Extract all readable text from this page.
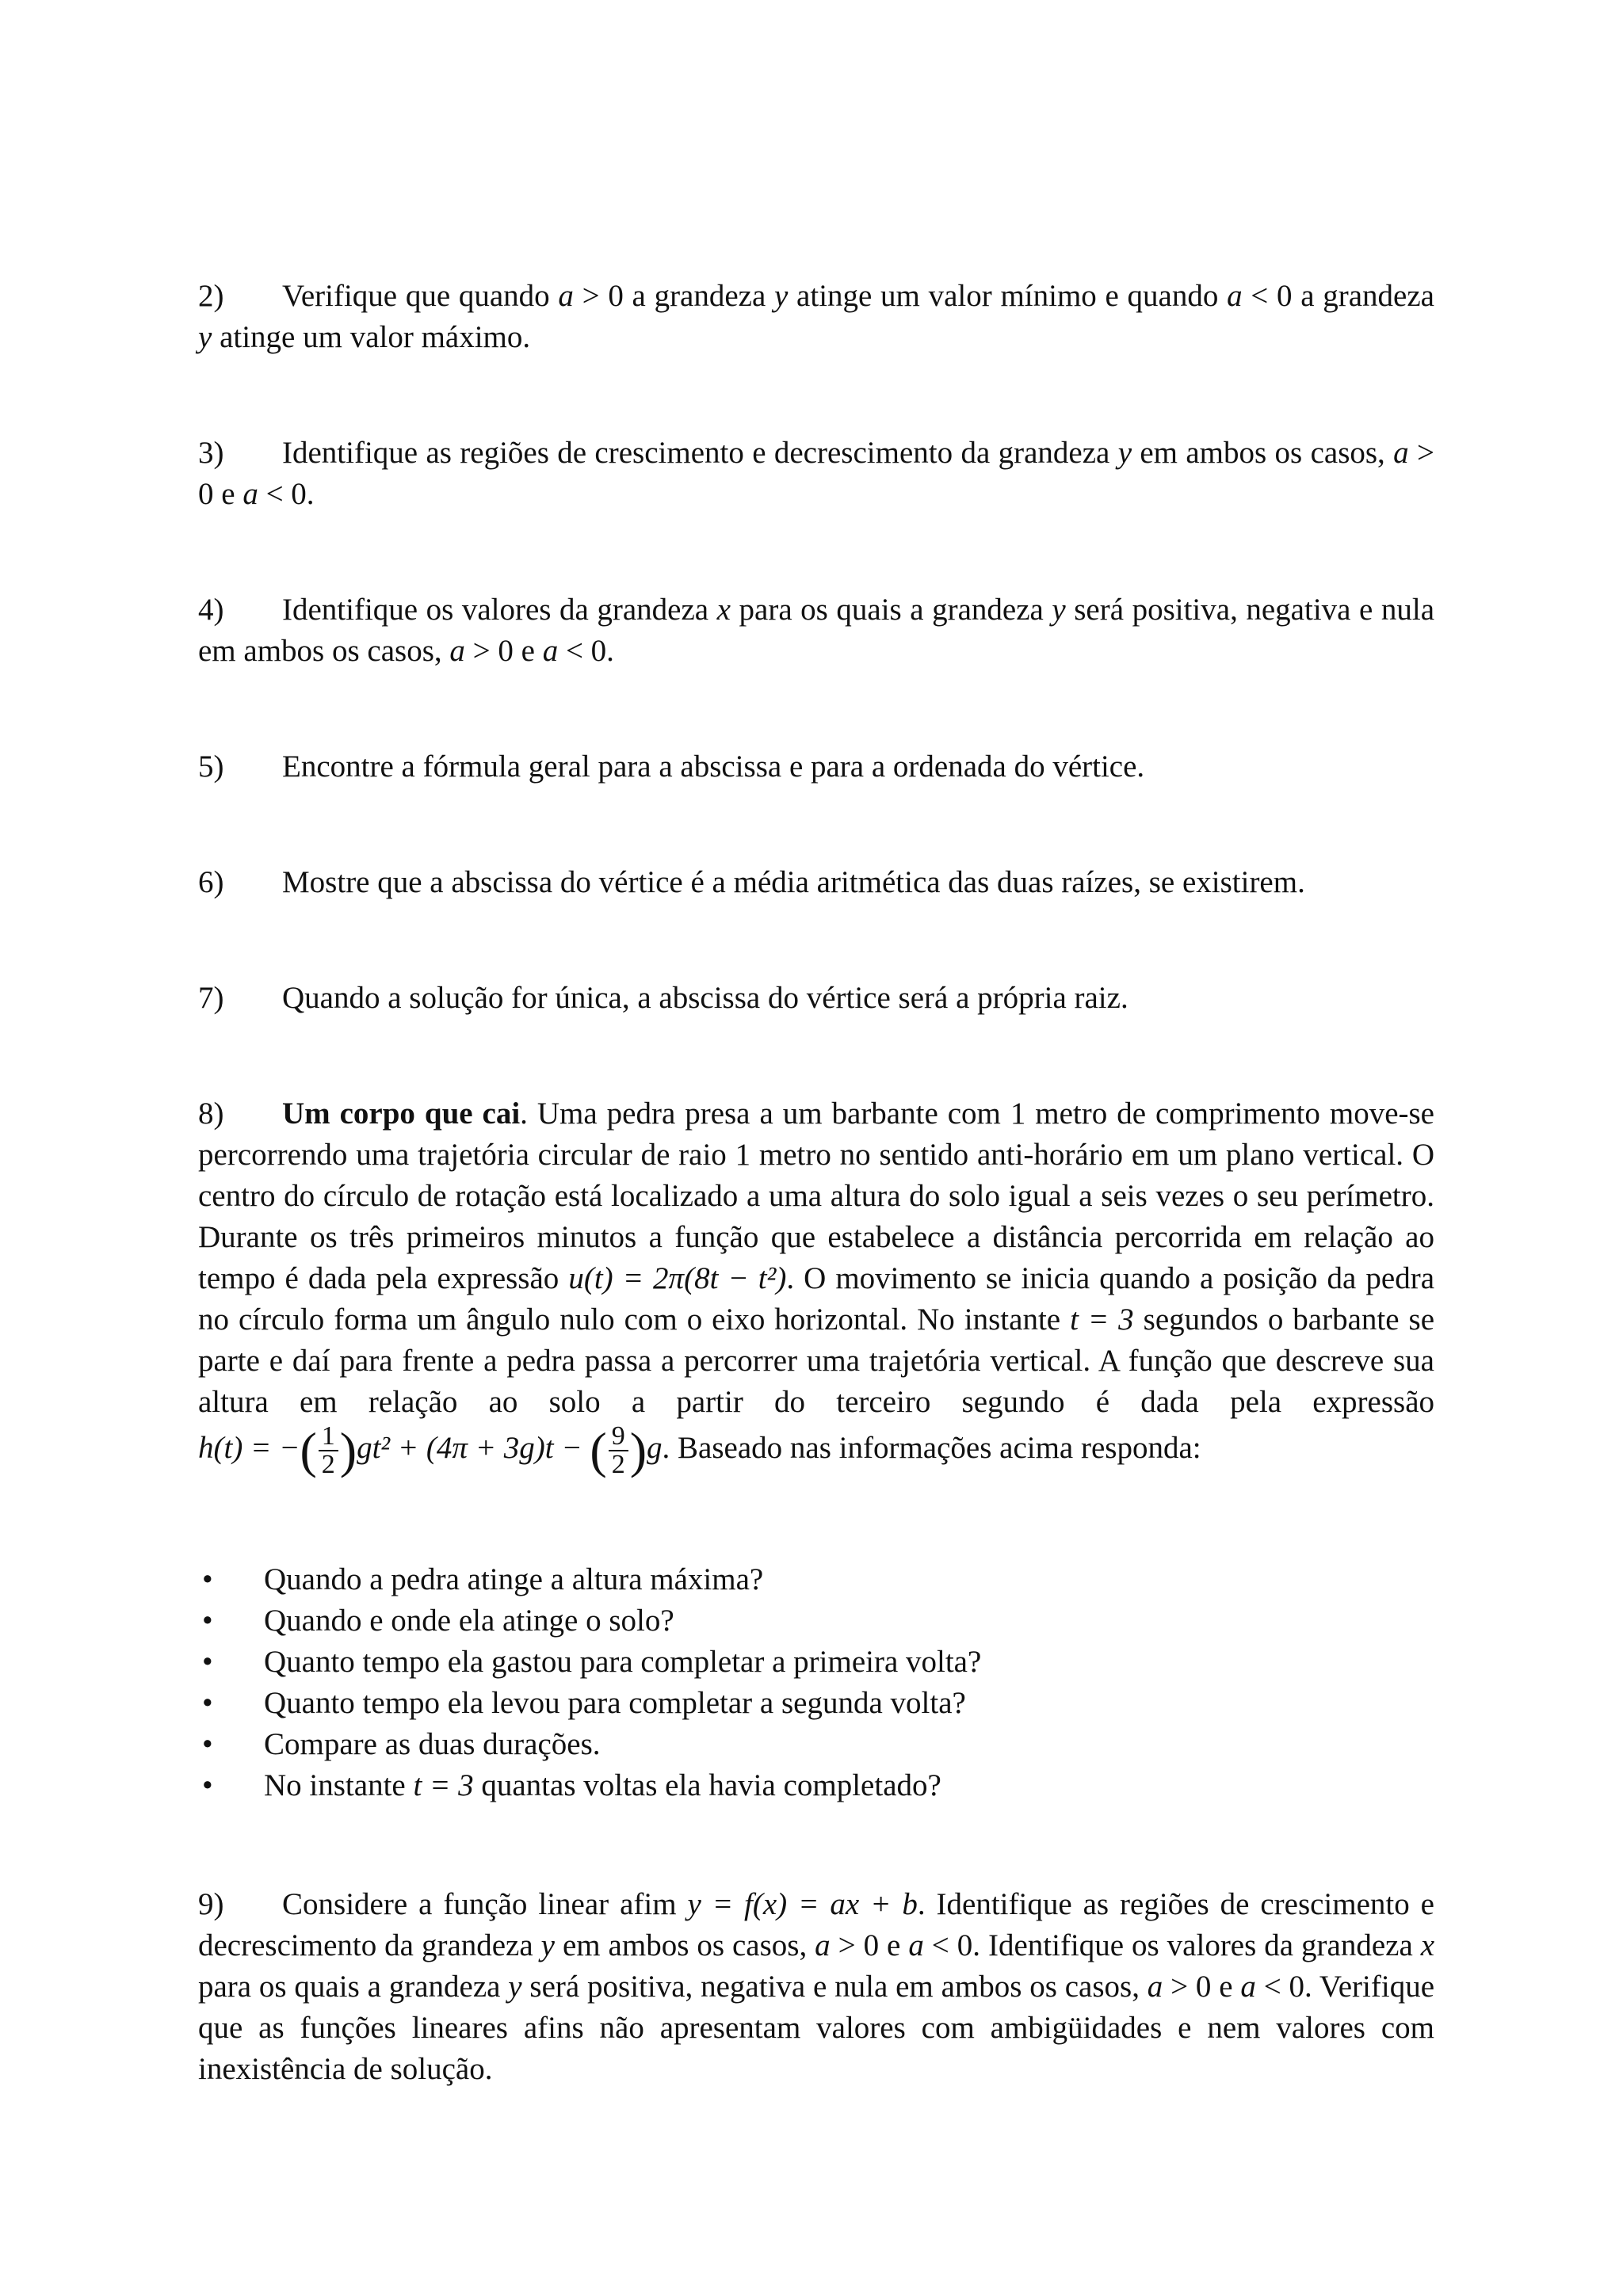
2) Verifique que quando a > 0 a grandeza y atinge um valor mínimo e quando a < 0 a grandeza y atinge um valor máximo.

3) Identifique as regiões de crescimento e decrescimento da grandeza y em ambos os casos, a > 0 e a < 0.

4) Identifique os valores da grandeza x para os quais a grandeza y será positiva, negativa e nula em ambos os casos, a > 0 e a < 0.

5) Encontre a fórmula geral para a abscissa e para a ordenada do vértice.

6) Mostre que a abscissa do vértice é a média aritmética das duas raízes, se existirem.

7) Quando a solução for única, a abscissa do vértice será a própria raiz.

8) Um corpo que cai. Uma pedra presa a um barbante com 1 metro de comprimento move-se percorrendo uma trajetória circular de raio 1 metro no sentido anti-horário em um plano vertical. O centro do círculo de rotação está localizado a uma altura do solo igual a seis vezes o seu perímetro. Durante os três primeiros minutos a função que estabelece a distância percorrida em relação ao tempo é dada pela expressão u(t) = 2π(8t − t²). O movimento se inicia quando a posição da pedra no círculo forma um ângulo nulo com o eixo horizontal. No instante t = 3 segundos o barbante se parte e daí para frente a pedra passa a percorrer uma trajetória vertical. A função que descreve sua altura em relação ao solo a partir do terceiro segundo é dada pela expressão h(t) = −( $\frac{1}{2} )gt^2 + (4\pi + 3g)t$ − ( $\frac{9}{2} )g$. Baseado nas informações acima responda:

• Quando a pedra atinge a altura máxima?
• Quando e onde ela atinge o solo?
• Quanto tempo ela gastou para completar a primeira volta?
• Quanto tempo ela levou para completar a segunda volta?
• Compare as duas durações.
• No instante t = 3 quantas voltas ela havia completado?

9) Considere a função linear afim y = f(x) = ax + b. Identifique as regiões de crescimento e decrescimento da grandeza y em ambos os casos, a > 0 e a < 0. Identifique os valores da grandeza x para os quais a grandeza y será positiva, negativa e nula em ambos os casos, a > 0 e a < 0. Verifique que as funções lineares afins não apresentam valores com ambigüidades e nem valores com inexistência de solução.
